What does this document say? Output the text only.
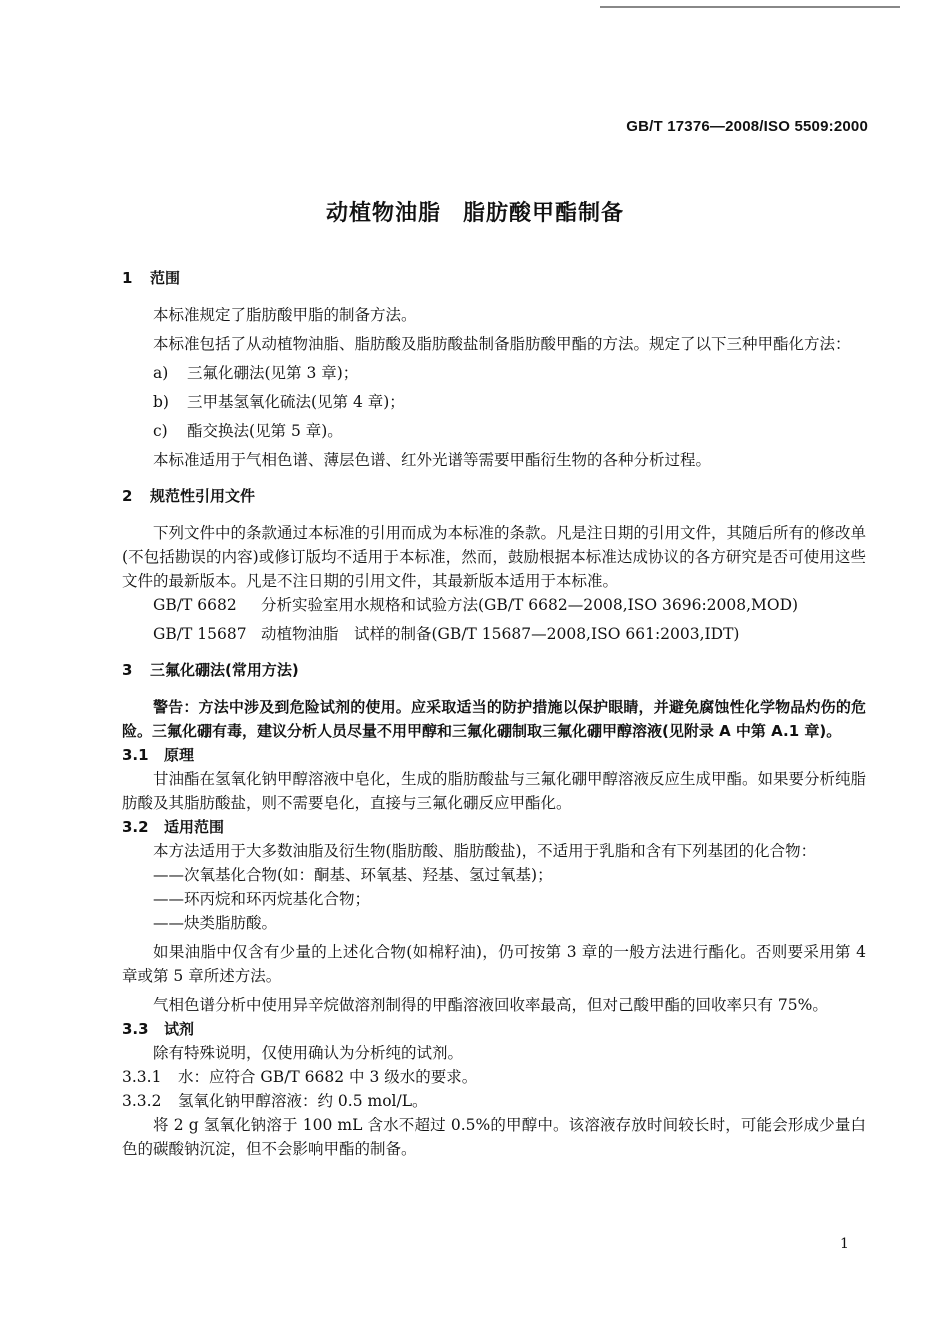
GB/T 17376—2008/ISO 5509:2000
动植物油脂 脂肪酸甲酯制备
1 范围

本标准规定了脂肪酸甲脂的制备方法。

本标准包括了从动植物油脂、脂肪酸及脂肪酸盐制备脂肪酸甲酯的方法。规定了以下三种甲酯化方法：

a) 三氟化硼法(见第 3 章)；

b) 三甲基氢氧化硫法(见第 4 章)；

c) 酯交换法(见第 5 章)。

本标准适用于气相色谱、薄层色谱、红外光谱等需要甲酯衍生物的各种分析过程。

2 规范性引用文件

下列文件中的条款通过本标准的引用而成为本标准的条款。凡是注日期的引用文件，其随后所有的修改单(不包括勘误的内容)或修订版均不适用于本标准，然而，鼓励根据本标准达成协议的各方研究是否可使用这些文件的最新版本。凡是不注日期的引用文件，其最新版本适用于本标准。

GB/T 6682 分析实验室用水规格和试验方法(GB/T 6682—2008,ISO 3696:2008,MOD)

GB/T 15687 动植物油脂　试样的制备(GB/T 15687—2008,ISO 661:2003,IDT)

3 三氟化硼法(常用方法)

警告：方法中涉及到危险试剂的使用。应采取适当的防护措施以保护眼睛，并避免腐蚀性化学物品灼伤的危险。三氟化硼有毒，建议分析人员尽量不用甲醇和三氟化硼制取三氟化硼甲醇溶液(见附录 A 中第 A.1 章)。

3.1 原理

甘油酯在氢氧化钠甲醇溶液中皂化，生成的脂肪酸盐与三氟化硼甲醇溶液反应生成甲酯。如果要分析纯脂肪酸及其脂肪酸盐，则不需要皂化，直接与三氟化硼反应甲酯化。

3.2 适用范围

本方法适用于大多数油脂及衍生物(脂肪酸、脂肪酸盐)，不适用于乳脂和含有下列基团的化合物：

——次氧基化合物(如：酮基、环氧基、羟基、氢过氧基)；

——环丙烷和环丙烷基化合物；

——炔类脂肪酸。

如果油脂中仅含有少量的上述化合物(如棉籽油)，仍可按第 3 章的一般方法进行酯化。否则要采用第 4 章或第 5 章所述方法。

气相色谱分析中使用异辛烷做溶剂制得的甲酯溶液回收率最高，但对己酸甲酯的回收率只有 75%。

3.3 试剂

除有特殊说明，仅使用确认为分析纯的试剂。

3.3.1 水：应符合 GB/T 6682 中 3 级水的要求。

3.3.2 氢氧化钠甲醇溶液：约 0.5 mol/L。

将 2 g 氢氧化钠溶于 100 mL 含水不超过 0.5%的甲醇中。该溶液存放时间较长时，可能会形成少量白色的碳酸钠沉淀，但不会影响甲酯的制备。

1
